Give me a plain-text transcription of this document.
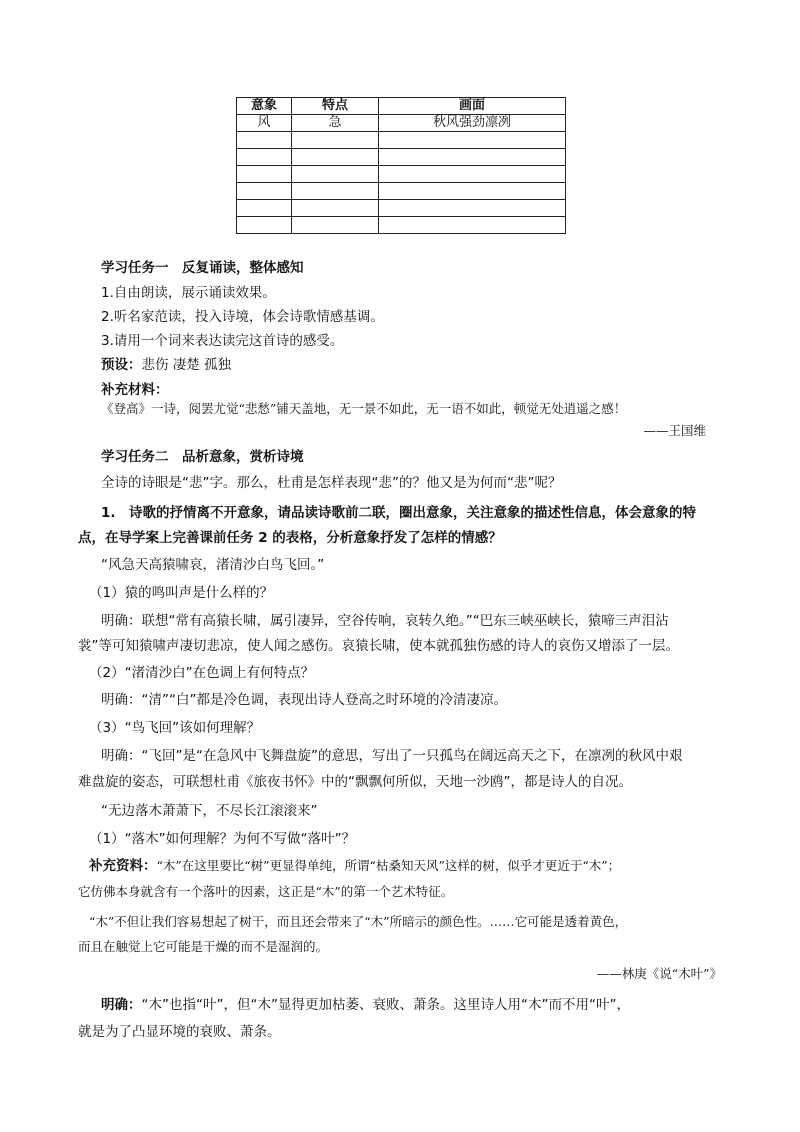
意象	特点	画面
风	急	秋风强劲凛冽

学习任务一　反复诵读，整体感知
1.自由朗读，展示诵读效果。
2.听名家范读，投入诗境，体会诗歌情感基调。
3.请用一个词来表达读完这首诗的感受。
预设：悲伤 凄楚 孤独
补充材料：
《登高》一诗，阅罢尤觉“悲愁”铺天盖地，无一景不如此，无一语不如此，顿觉无处逍遥之感！
——王国维
学习任务二　品析意象，赏析诗境
全诗的诗眼是“悲”字。那么，杜甫是怎样表现“悲”的？他又是为何而“悲”呢？
1.　诗歌的抒情离不开意象，请品读诗歌前二联，圈出意象，关注意象的描述性信息，体会意象的特
点，在导学案上完善课前任务 2 的表格，分析意象抒发了怎样的情感？
“风急天高猿啸哀，渚清沙白鸟飞回。”
（1）猿的鸣叫声是什么样的？
明确：联想“常有高猿长啸，属引凄异，空谷传响，哀转久绝。”“巴东三峡巫峡长，猿啼三声泪沾
裳”等可知猿啸声凄切悲凉，使人闻之感伤。哀猿长啸，使本就孤独伤感的诗人的哀伤又增添了一层。
（2）“渚清沙白”在色调上有何特点？
明确：“清”“白”都是冷色调，表现出诗人登高之时环境的冷清凄凉。
（3）“鸟飞回”该如何理解？
明确：“飞回”是“在急风中飞舞盘旋”的意思，写出了一只孤鸟在阔远高天之下，在凛冽的秋风中艰
难盘旋的姿态，可联想杜甫《旅夜书怀》中的“飘飘何所似，天地一沙鸥”，都是诗人的自况。
“无边落木萧萧下，不尽长江滚滚来”
（1）“落木”如何理解？为何不写做“落叶”？
补充资料：“木”在这里要比“树”更显得单纯，所谓“枯桑知天风”这样的树，似乎才更近于“木”；
它仿佛本身就含有一个落叶的因素，这正是“木”的第一个艺术特征。
“木”不但让我们容易想起了树干，而且还会带来了“木”所暗示的颜色性。……它可能是透着黄色，
而且在触觉上它可能是干燥的而不是湿润的。
——林庚《说“木叶”》
明确：“木”也指“叶”，但“木”显得更加枯萎、衰败、萧条。这里诗人用“木”而不用“叶”，
就是为了凸显环境的衰败、萧条。
